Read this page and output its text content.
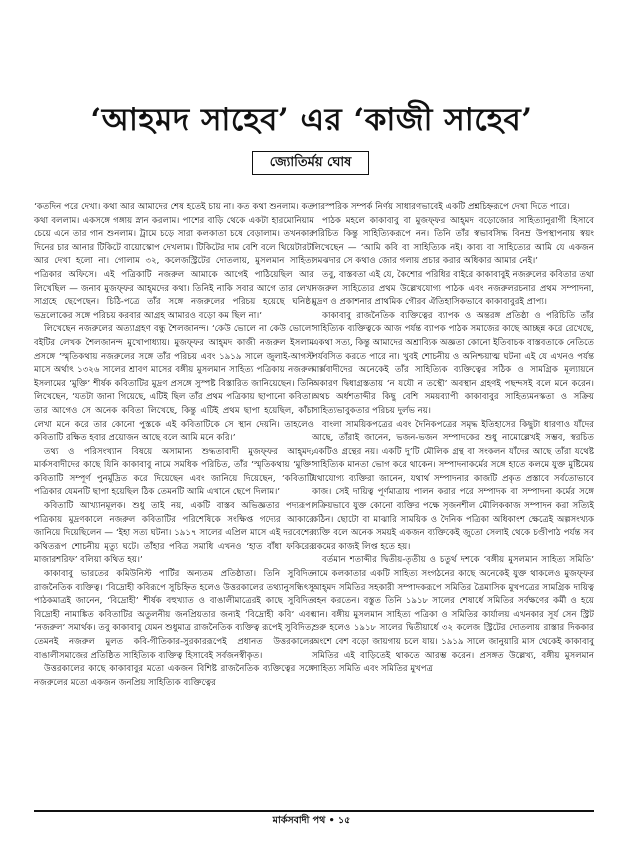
‘আহমদ সাহেব’ এর ‘কাজী সাহেব’
জ্যোতির্ময় ঘোষ

‘কতদিন পরে দেখা। কথা আর আমাদের শেষ হতেই চায় না। কত কথা শুনলাম। কত কথা বললাম। একসঙ্গে গঙ্গায় স্নান করলাম। পাশের বাড়ি থেকে একটা হারমোনিয়াম চেয়ে এনে তার গান শুনলাম। ট্রামে চড়ে সারা কলকাতা চষে বেড়ালাম। তখনকার দিনের চার আনার টিকিটে বায়োস্কোপ দেখলাম। টিকিটের দাম বেশি বলে থিয়েটারটা আর দেখা হলো না। গোলাম ৩২, কলেজস্ট্রিটের দোতলায়, মুসলমান সাহিত্য পত্রিকার অফিসে। এই পত্রিকাটি নজরুল আমাকে আগেই পাঠিয়েছিল আর লিখেছিল — জনাব মুজফ্‌ফর আহ্‌মদের কথা। তিনিই নাকি সবার আগে তার লেখা সাগ্রহে ছেপেছেন। চিঠি-পত্রে তাঁর সঙ্গে নজরুলের পরিচয় হয়েছে ঘনিষ্ঠ। ভদ্রলোকের সঙ্গে পরিচয় করবার আগ্রহ আমারও বড়ো কম ছিল না।’

লিখেছেন নজরুলের অত্যাগ্রহণ বন্ধু শৈলজানন্দ। ‘কেউ ভোলে না কেউ ভোলে’ বইটির লেখক শৈলজানন্দ মুখোপাধ্যায়। মুজফ্‌ফর আহ্‌মদ কাজী নজরুল ইসলাম প্রসঙ্গে ‘স্মৃতিকথায় নজরুলের সঙ্গে তাঁর পরিচয় এবং ১৯১৯ সালে জুলাই-আগস্ট মাসে অর্থাৎ ১৩২৬ সালের শ্রাবণ মাসের বঙ্গীয় মুসলমান সাহিত্য পত্রিকায় নজরুল ইসলামের ‘মুক্তি’ শীর্ষক কবিতাটির মুদ্রণ প্রসঙ্গে সুস্পষ্ট বিস্তারিত জানিয়েছেন। তিনি লিখেছেন, ‘যতটা জানা গিয়েছে, এটিই ছিল তাঁর প্রথম পত্রিকায় ছাপানো কবিতা। তার আগেও সে অনেক কবিতা লিখেছে, কিন্তু এটিই প্রথম ছাপা হয়েছিল, কাঁচা লেখা মনে করে তার কোনো পুস্তকে এই কবিতাটিকে সে স্থান দেয়নি। তাহলেও কবিতাটি রক্ষিত হবার প্রয়োজন আছে বলে আমি মনে করি।’

তথ্য ও পরিসংখ্যান বিষয়ে অসামান্য শুদ্ধতাবাদী মুজফ্‌ফর আহ্‌মদ, মার্কসবাদীদের কাছে যিনি কাকাবাবু নামে সমধিক পরিচিত, তাঁর ‘স্মৃতিকথায় ‘মুক্তি’ কবিতাটি সম্পূর্ণ পুনর্মুদ্রিত করে দিয়েছেন এবং জানিয়ে দিয়েছেন, ‘কবিতাটি পত্রিকার যেমনটি ছাপা হয়েছিল ঠিক তেমনটি আমি এখানে ছেপে দিলাম।’

কবিতাটি আখ্যানমূলক। শুধু তাই নয়, একটি বাস্তব অভিজ্ঞতার পদ্যরূপ। পত্রিকায় মুদ্রণকালে নজরুল কবিতাটির পরিশেষিকে সংক্ষিপ্ত গদ্যের আকারে জানিয়ে দিয়েছিলেন — ‘ইহা সত্য ঘটনা। ১৯১৭ সালের এপ্রিল মাসে এই দরবেশের কথিতরূপ শোচনীয় মৃত্যু ঘটে। তাঁহার পবিত্র সমাধি এখনও ‘হাত বাঁধা ফকিরের মাজারশরিফ’ বলিয়া কথিত হয়।’

কাকাবাবু ভারতের কমিউনিস্ট পার্টির অন্যতম প্রতিষ্ঠাতা। তিনি সুবিদিত রাজনৈতিক ব্যক্তিত্ব। ‘বিদ্রোহী কবিরূপে সুচিহ্নিত হলেও উত্তরকালের তথ্যানুসন্ধিৎসু পাঠকমাত্রই জানেন, ‘বিদ্রোহী’ শীর্ষক বহুখ্যাত ও বাঙালীমাত্রেরই কাছে সুবিদিত বিদ্রোহী নামাঙ্কিত কবিতাটির অতুলনীয় জনপ্রিয়তার জন্যই ‘বিদ্রোহী কবি’ এবং ‘নজরুল’ সমার্থক। তবু কাকাবাবু যেমন শুধুমাত্র রাজনৈতিক ব্যক্তিত্ব রূপেই সুবিদিত, তেমনই নজরুল মুলত কবি-গীতিকার-সুরকাররূপেই প্রধানত উত্তরকালের বাঙালীসমাজের প্রতিষ্ঠিত সাহিত্যিক ব্যক্তিত্ব হিসাবেই সর্বজনস্বীকৃত।

উত্তরকালের কাছে কাকাবাবুর মতো একজন বিশিষ্ট রাজনৈতিক ব্যক্তিত্বের সঙ্গে নজরুলের মতো একজন জনপ্রিয় সাহিত্যিক ব্যক্তিত্বের

পারস্পরিক সম্পর্ক নির্ণয় সাধারণভাবেই একটি প্রশ্নচিহ্নরূপে দেখা দিতে পারে।

পাঠক মহলে কাকাবাবু বা মুজফ্‌ফর আহ্‌মদ বড়োজোর সাহিত্যানুরাগী হিসাবে পরিচিত কিন্তু সাহিত্যিকরূপে নন। তিনি তাঁর স্বভাবসিদ্ধ বিনম্র উপস্থাপনায় স্বয়ং লিখেছেন — ‘আমি কবি বা সাহিত্যিক নই। কাব্য বা সাহিত্যের আমি যে একজন সমঝদার সে কথাও জোর গলায় প্রচার করার অধিকার আমার নেই।’

তবু, বাস্তবতা এই যে, কৈশোর পরিধির বাইরে কাকাবাবুই নজরুলের কবিতার তথা নজরুল সাহিত্যের প্রথম উল্লেখযোগ্য পাঠক এবং নজরুলরচনার প্রথম সম্পাদনা, মুদ্রণ ও প্রকাশনার প্রাথমিক গৌরব ঐতিহাসিকভাবে কাকাবাবুরই প্রাপ্য।

কাকাবাবু রাজনৈতিক ব্যক্তিত্বের ব্যাপক ও অন্তরঙ্গ প্রতিষ্ঠা ও পরিচিতি তাঁর সাহিত্যিক ব্যক্তিত্বকে আজ পর্যন্ত ব্যাপক পাঠক সমাজের কাছে আচ্ছন্ন করে রেখেছে, একথা সত্য, কিন্তু আমাদের অশ্রাব্যিক অজ্ঞতা কোনো ইতিবাচক বাস্তবতাকে নেতিতে পর্যবসিত করতে পারে না। খুবই শোচনীয় ও অনিশ্চয়াত্ম ঘটনা এই যে এখনও পর্যন্ত মার্ক্সবাদীদের অনেকেই তাঁর সাহিত্যিক ব্যক্তিত্বের সঠিক ও সামগ্রিক মূল্যায়নে অকারণ দ্বিধাগ্রস্ততায় ‘ন যযৌ ন তস্থৌ’ অবস্থান গ্রহণই পছন্দসই বলে মনে করেন। অথচ অর্ধশতাব্দীর কিছু বেশি সময়ব্যাপী কাকাবাবুর সাহিত্যমনস্কতা ও সক্রিয় সাহিত্যভাবুকতার পরিচয় দুর্লভ নয়।

বাংলা সাময়িকপত্রের এবং দৈনিকপত্রের সমৃদ্ধ ইতিহাসের কিছুটা ধারণাও যাঁদের আছে, তাঁরাই জানেন, ভজন-ভজন সম্পাদকের শুধু নামোল্লেখই সম্ভব, স্বরচিত একটিও গ্রন্থের নয়। একটি দু’টি মৌলিক গ্রন্থ বা সংকলন যাঁদের আছে তাঁরা যথেষ্ট সাহিত্যিক মানতা ভোগ করে থাকেন। সম্পাদনাকর্মের সঙ্গে হাতে কলমে যুক্ত মুষ্টিমেয় যথাযোগ্য ব্যক্তিরা জানেন, যথার্থ সম্পাদনার কাজটি প্রকৃত প্রস্তাবে সর্বতোভাবে কাজ। সেই দায়িত্ব পূর্ণমাত্রায় পালন করার পরে সম্পাদক বা সম্পাদনা কর্মের সঙ্গে সক্রিয়ভাবে যুক্ত কোনো ব্যক্তির পক্ষে সৃজনশীল মৌলিককাজ সম্পাদন করা সত্যিই কঠিন। ছোটো বা মাঝারি সাময়িক ও দৈনিক পত্রিকা অধিকাংশ ক্ষেত্রেই অল্পসংখ্যক ব্যক্তি বলে অনেক সময়ই একজন ব্যক্তিকেই জুতো সেলাই থেকে চণ্ডীপাঠ পর্যন্ত সব রকমের কাজই লিপ্ত হতে হয়।

বর্তমান শতাব্দীর দ্বিতীয়-তৃতীয় ও চতুর্থ দশকে ‘বঙ্গীয় মুসলমান সাহিত্য সমিতি’ নামে কলকাতার একটি সাহিত্য সংগঠনের কাছে অনেকেই যুক্ত থাকলেও মুজফ্‌ফর আহ্‌মদ সমিতির সহকারী সম্পাদকরূপে সমিতির ত্রৈমাসিক মুখপত্রের সামগ্রিক দায়িত্ব বহন করতেন। বস্তুত তিনি ১৯১৮ সালের শেষার্ধে সমিতির সর্বক্ষণের কর্মী ও হয়ে যান। বঙ্গীয় মুসলমান সাহিত্য পত্রিকা ও সমিতির কার্যালয় এখনকার সূর্য সেন স্ট্রিট শুরু হলেও ১৯১৮ সালের দ্বিতীয়ার্ধে ৩২ কলেজ স্ট্রিটের দোতলায় রাস্তার দিককার অংশে বেশ বড়ো জায়গায় চলে যায়। ১৯১৯ সালে জানুয়ারি মাস থেকেই কাকাবাবু সমিতির এই বাড়িতেই থাকতে আরম্ভ করেন। প্রসঙ্গত উল্লেখ্য, বঙ্গীয় মুসলমান সাহিত্য সমিতি এবং সমিতির মুখপত্র

মার্কসবাদী পথ • ১৫
